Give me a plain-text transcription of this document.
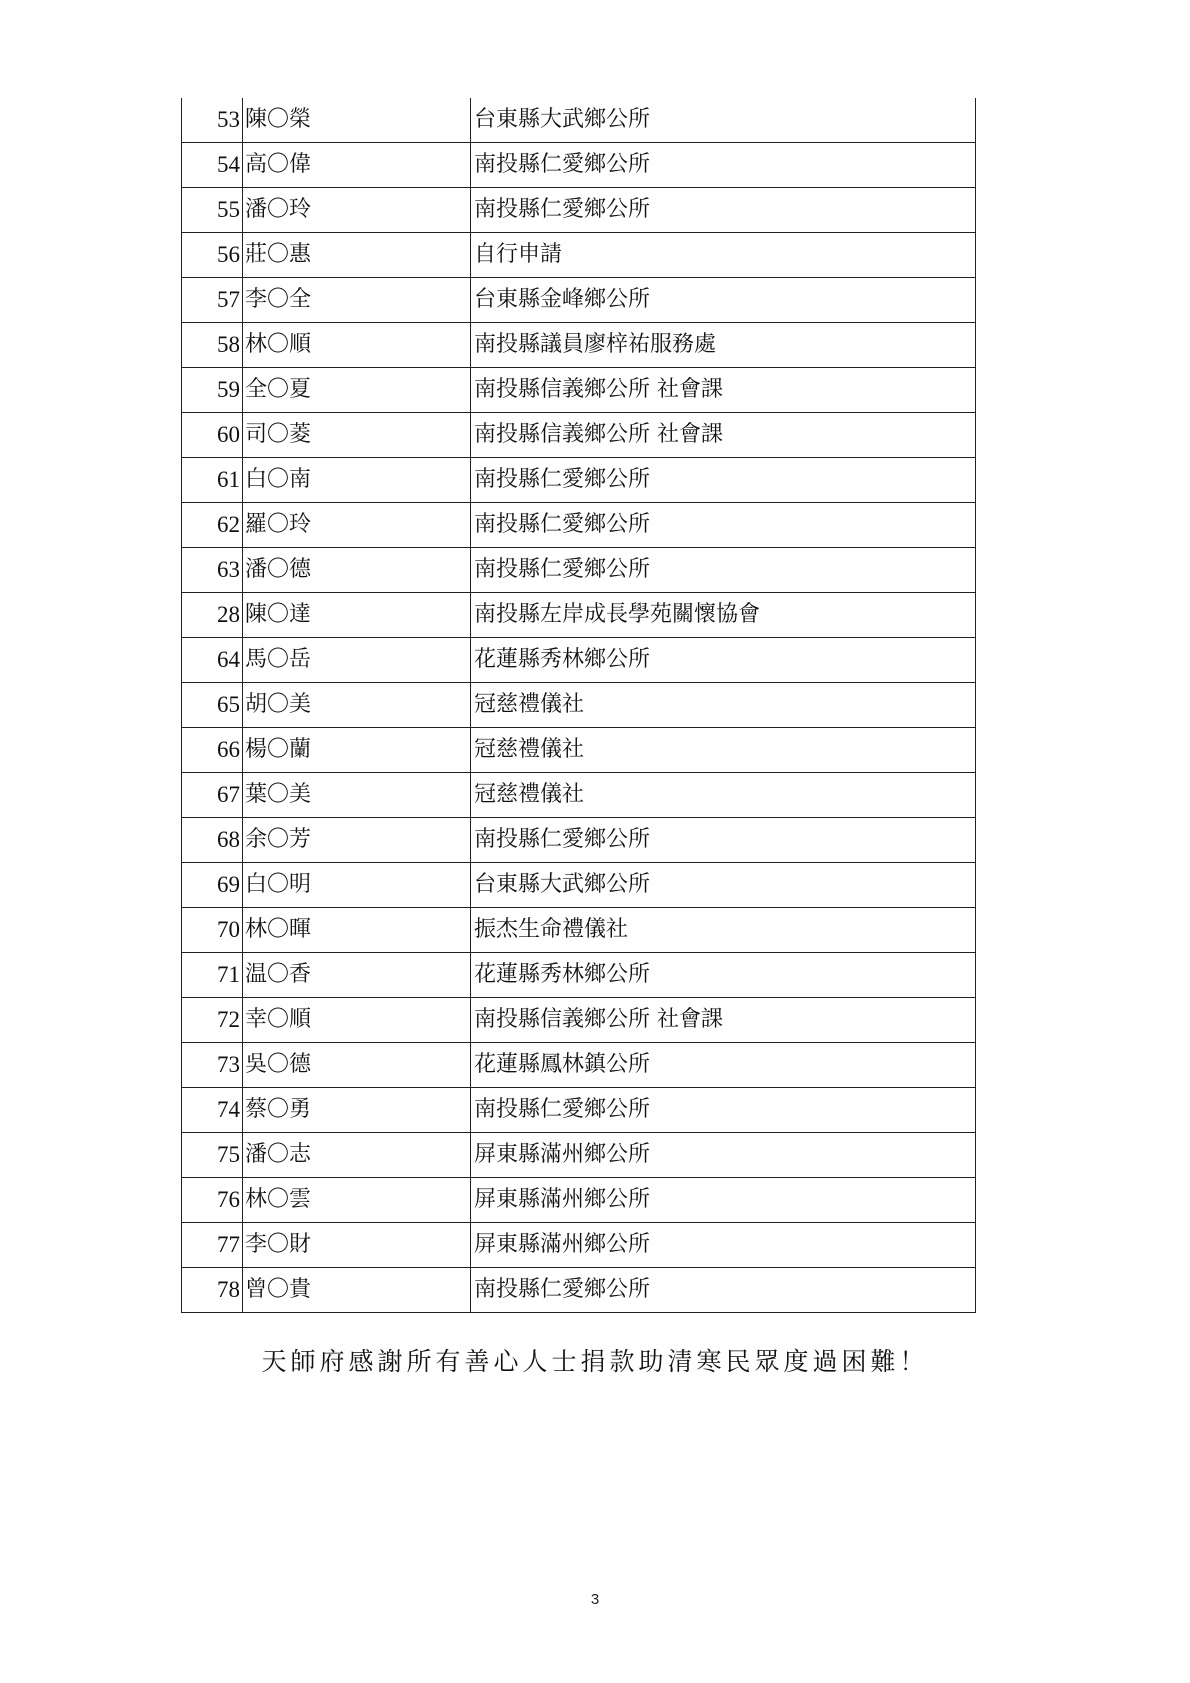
53	陳〇榮	台東縣大武鄉公所
54	高〇偉	南投縣仁愛鄉公所
55	潘〇玲	南投縣仁愛鄉公所
56	莊〇惠	自行申請
57	李〇全	台東縣金峰鄉公所
58	林〇順	南投縣議員廖梓祐服務處
59	全〇夏	南投縣信義鄉公所 社會課
60	司〇菱	南投縣信義鄉公所 社會課
61	白〇南	南投縣仁愛鄉公所
62	羅〇玲	南投縣仁愛鄉公所
63	潘〇德	南投縣仁愛鄉公所
28	陳〇達	南投縣左岸成長學苑關懷協會
64	馬〇岳	花蓮縣秀林鄉公所
65	胡〇美	冠慈禮儀社
66	楊〇蘭	冠慈禮儀社
67	葉〇美	冠慈禮儀社
68	余〇芳	南投縣仁愛鄉公所
69	白〇明	台東縣大武鄉公所
70	林〇暉	振杰生命禮儀社
71	温〇香	花蓮縣秀林鄉公所
72	幸〇順	南投縣信義鄉公所 社會課
73	吳〇德	花蓮縣鳳林鎮公所
74	蔡〇勇	南投縣仁愛鄉公所
75	潘〇志	屏東縣滿州鄉公所
76	林〇雲	屏東縣滿州鄉公所
77	李〇財	屏東縣滿州鄉公所
78	曾〇貴	南投縣仁愛鄉公所
天師府感謝所有善心人士捐款助清寒民眾度過困難！
3
